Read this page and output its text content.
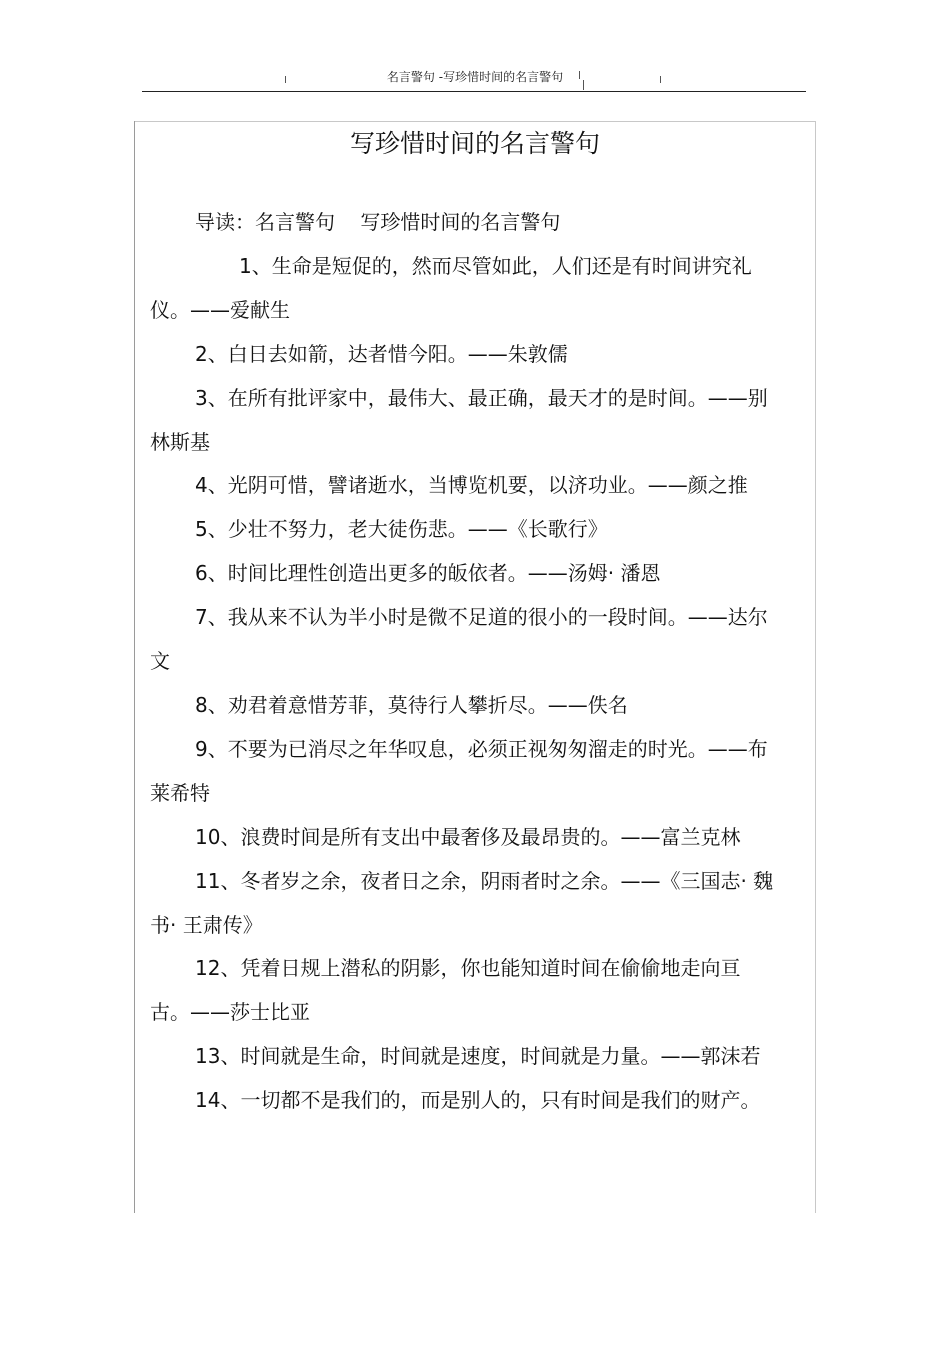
名言警句 -写珍惜时间的名言警句
写珍惜时间的名言警句

导读：名言警句    写珍惜时间的名言警句

1、生命是短促的，然而尽管如此，人们还是有时间讲究礼仪。——爱献生

2、白日去如箭，达者惜今阳。——朱敦儒

3、在所有批评家中，最伟大、最正确，最天才的是时间。——别林斯基

4、光阴可惜，譬诸逝水，当博览机要，以济功业。——颜之推

5、少壮不努力，老大徒伤悲。——《长歌行》

6、时间比理性创造出更多的皈依者。——汤姆· 潘恩

7、我从来不认为半小时是微不足道的很小的一段时间。——达尔文

8、劝君着意惜芳菲，莫待行人攀折尽。——佚名

9、不要为已消尽之年华叹息，必须正视匆匆溜走的时光。——布莱希特

10、浪费时间是所有支出中最奢侈及最昂贵的。——富兰克林

11、冬者岁之余，夜者日之余，阴雨者时之余。——《三国志· 魏书· 王肃传》

12、凭着日规上潜私的阴影，你也能知道时间在偷偷地走向亘古。——莎士比亚

13、时间就是生命，时间就是速度，时间就是力量。——郭沫若

14、一切都不是我们的，而是别人的，只有时间是我们的财产。
